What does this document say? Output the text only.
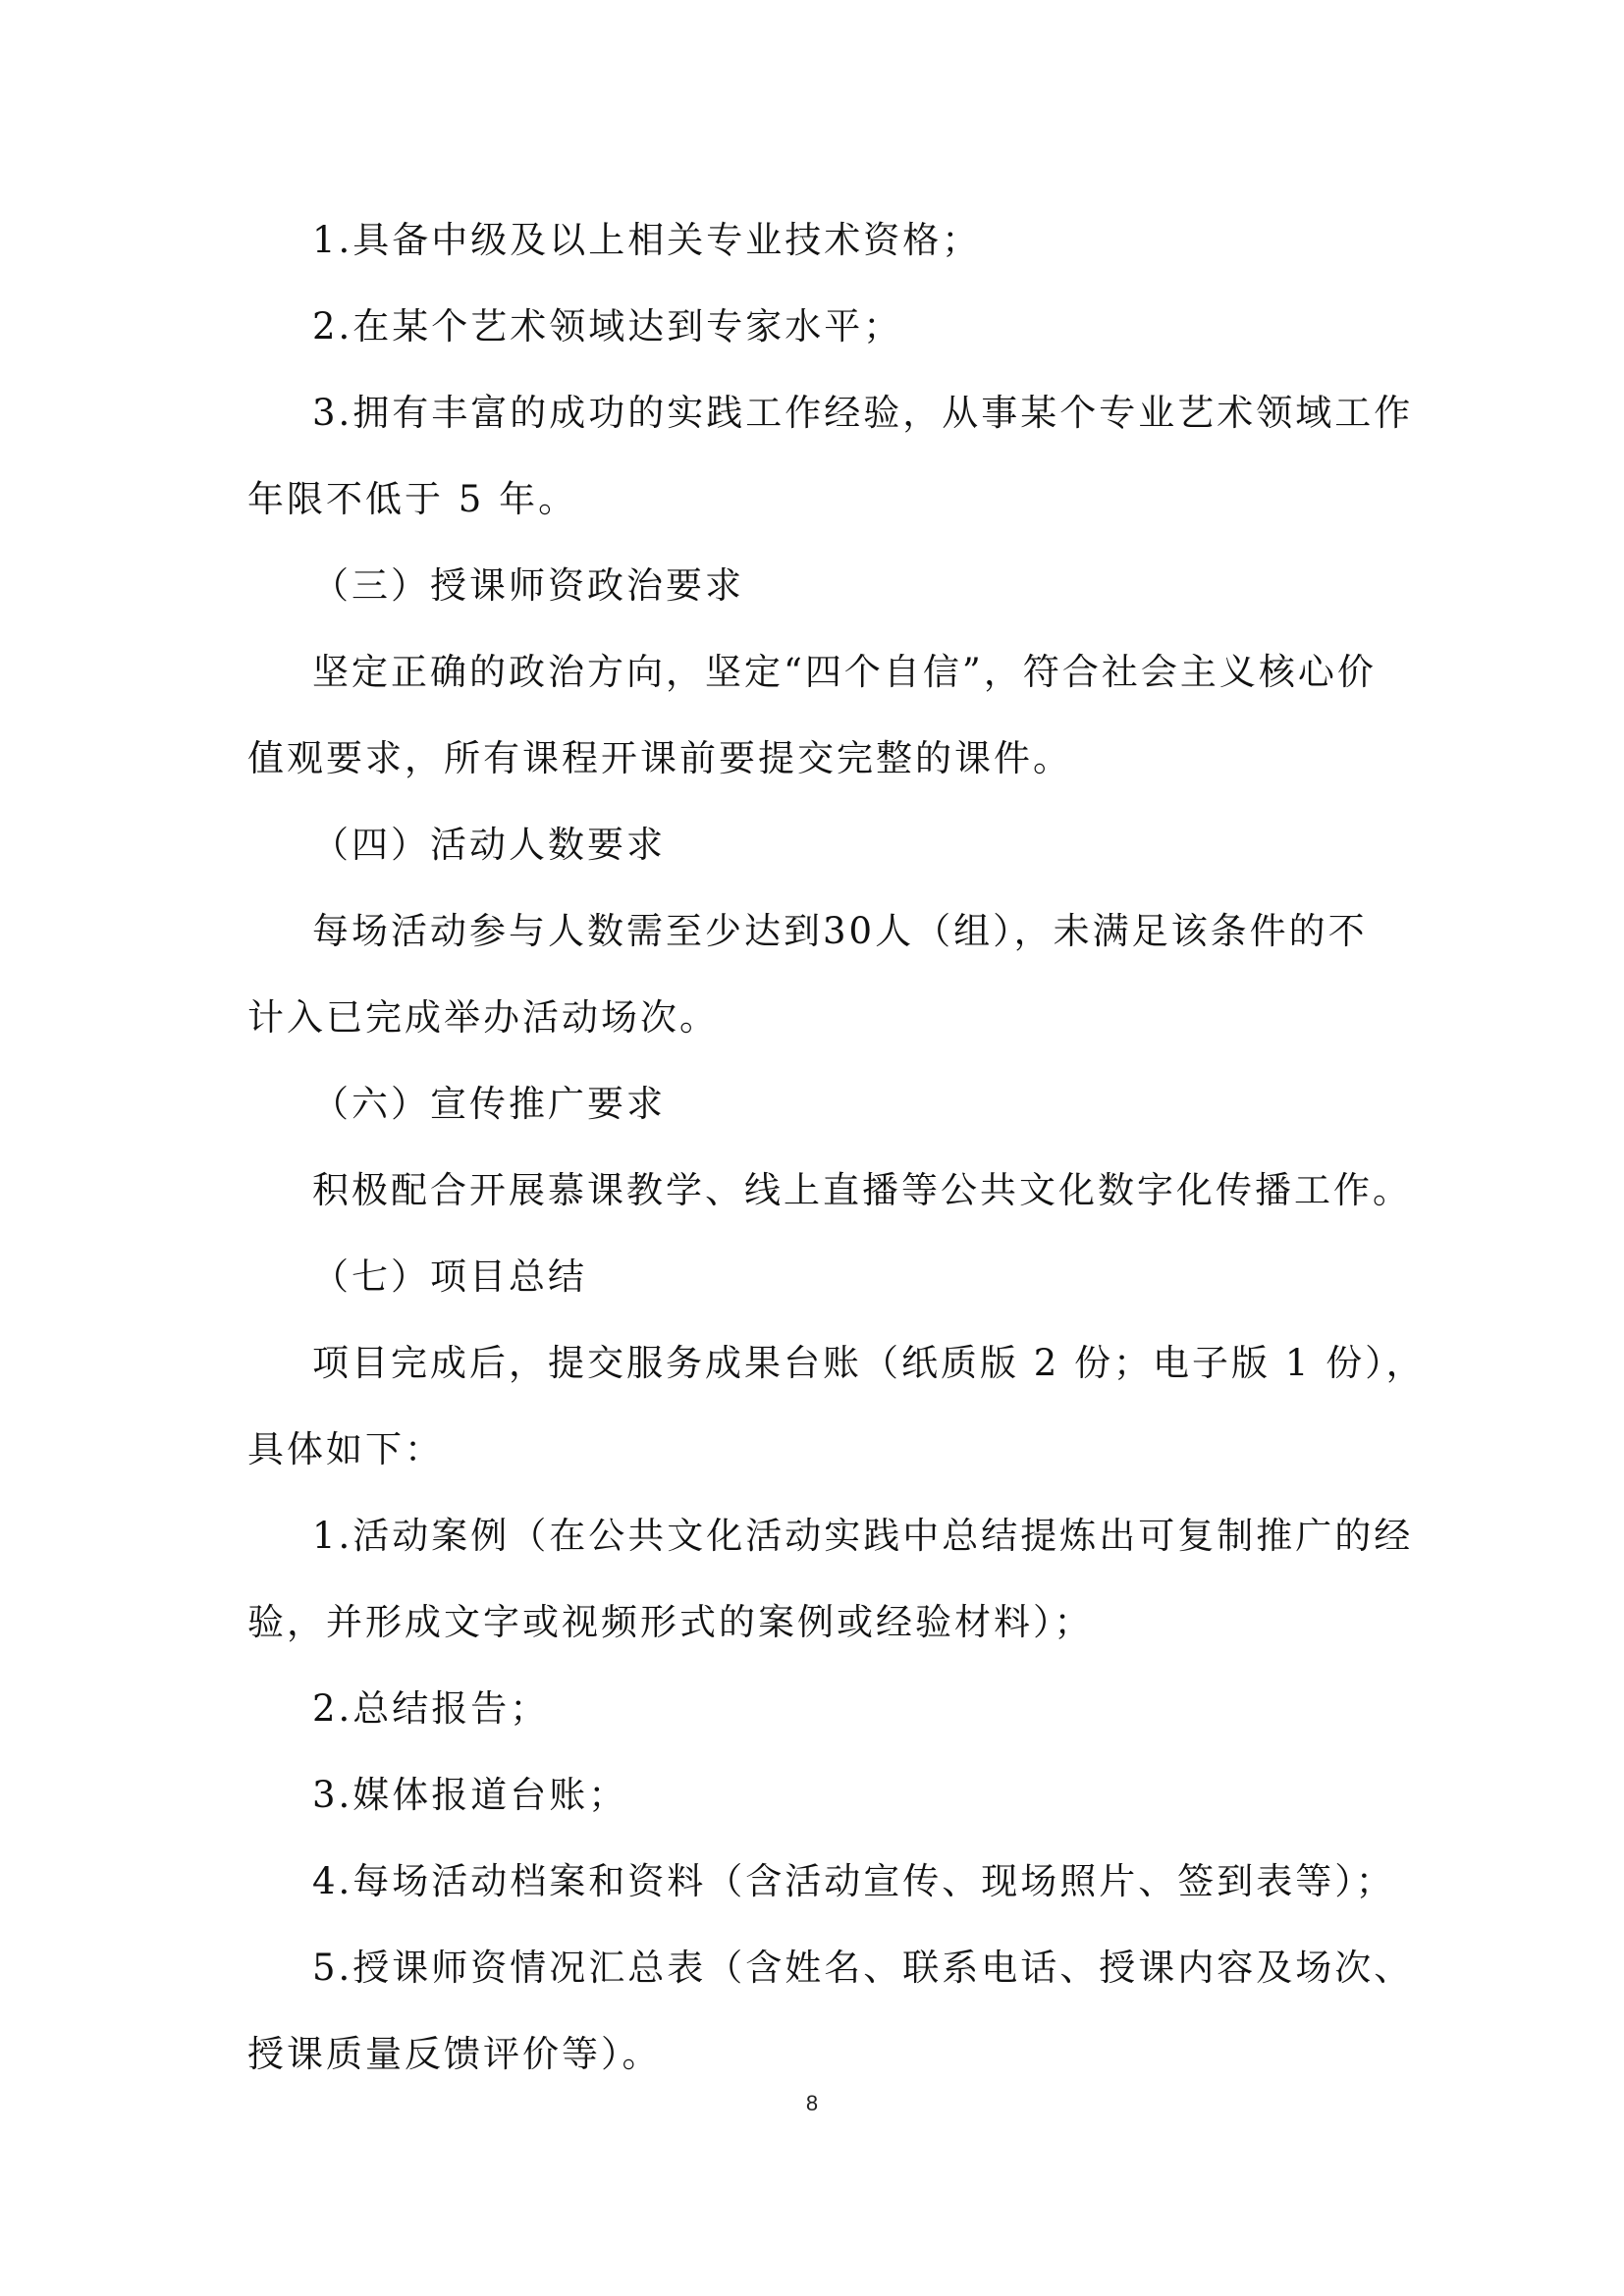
1.具备中级及以上相关专业技术资格；
2.在某个艺术领域达到专家水平；
3.拥有丰富的成功的实践工作经验，从事某个专业艺术领域工作
年限不低于 5 年。
（三）授课师资政治要求
坚定正确的政治方向，坚定“四个自信”，符合社会主义核心价
值观要求，所有课程开课前要提交完整的课件。
（四）活动人数要求
每场活动参与人数需至少达到30人（组），未满足该条件的不
计入已完成举办活动场次。
（六）宣传推广要求
积极配合开展慕课教学、线上直播等公共文化数字化传播工作。
（七）项目总结
项目完成后，提交服务成果台账（纸质版 2 份；电子版 1 份），
具体如下：
1.活动案例（在公共文化活动实践中总结提炼出可复制推广的经
验，并形成文字或视频形式的案例或经验材料）；
2.总结报告；
3.媒体报道台账；
4.每场活动档案和资料（含活动宣传、现场照片、签到表等）；
5.授课师资情况汇总表（含姓名、联系电话、授课内容及场次、
授课质量反馈评价等）。
8
